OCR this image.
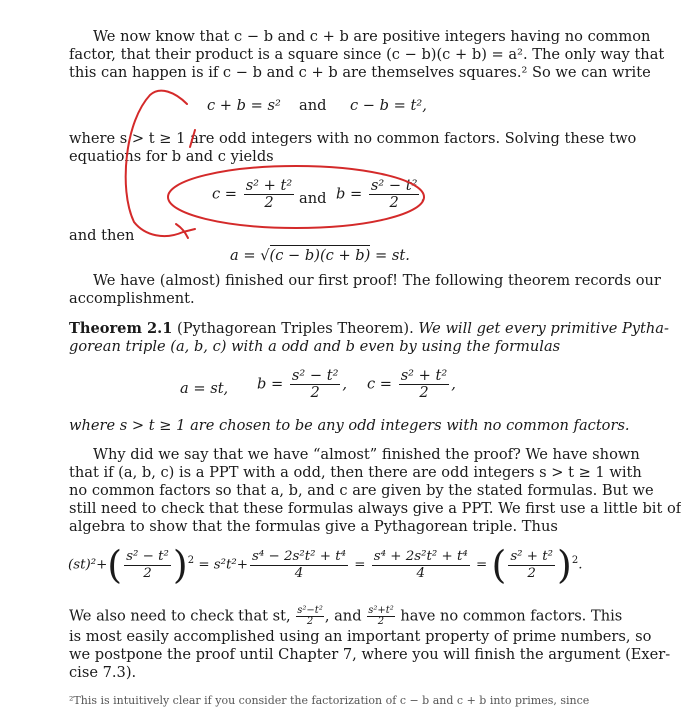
We now know that c − b and c + b are positive integers having no common
factor, that their product is a square since (c − b)(c + b) = a². The only way that
this can happen is if c − b and c + b are themselves squares.² So we can write
c + b = s² and c − b = t²,
where s > t ≥ 1 are odd integers with no common factors. Solving these two
equations for b and c yields
$c = \frac{\text{s² + t²}}{2}$ and $b = \frac{\text{s² − t²}}{2}$ ,
and then
a = √(c − b)(c + b) = st.
We have (almost) finished our first proof! The following theorem records our
accomplishment.
Theorem 2.1 (Pythagorean Triples Theorem). We will get every primitive Pytha-
gorean triple (a, b, c) with a odd and b even by using the formulas
a = st, $b = \frac{\text{s² − t²}}{2}$ , $c = \frac{\text{s² + t²}}{2}$ ,
where s > t ≥ 1 are chosen to be any odd integers with no common factors.
Why did we say that we have “almost” finished the proof? We have shown
that if (a, b, c) is a PPT with a odd, then there are odd integers s > t ≥ 1 with
no common factors so that a, b, and c are given by the stated formulas. But we
still need to check that these formulas always give a PPT. We first use a little bit of
algebra to show that the formulas give a Pythagorean triple. Thus
$(st)^2+( \frac{\text{s² − t²}}{2} )^2 = s^2t^2+ \frac{\text{s⁴ − 2s²t² + t⁴}}{4} = \frac{\text{s⁴ + 2s²t² + t⁴}}{4}$ = ( $\frac{\text{s² + t²}}{2} )^2$.
We also need to check that st, $\frac{\text{s²−t²}}{2}$ , and $\frac{\text{s²+t²}}{2}$ have no common factors. This
is most easily accomplished using an important property of prime numbers, so
we postpone the proof until Chapter 7, where you will finish the argument (Exer-
cise 7.3).
²This is intuitively clear if you consider the factorization of c − b and c + b into primes, since
